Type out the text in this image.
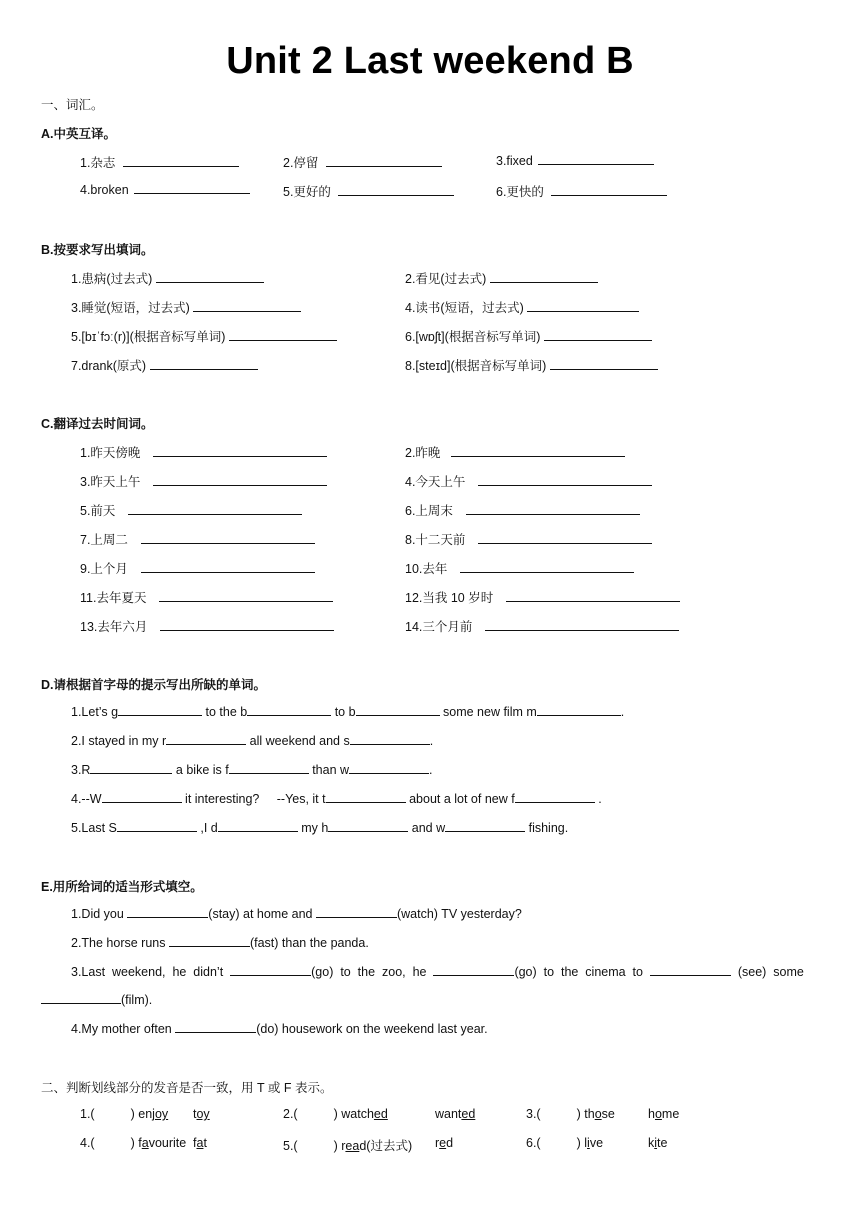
Unit 2 Last weekend B
一、词汇。
A.中英互译。
1.杂志	2.停留	3.fixed
4.broken	5.更好的	6.更快的
B.按要求写出填词。
1.患病(过去式)	2.看见(过去式)
3.睡觉(短语，过去式)	4.读书(短语，过去式)
5.[bɪˈfɔː(r)](根据音标写单词)	6.[wɒʃt](根据音标写单词)
7.drank(原式)	8.[steɪd](根据音标写单词)
C.翻译过去时间词。
1.昨天傍晚	2.昨晚
3.昨天上午	4.今天上午
5.前天	6.上周末
7.上周二	8.十二天前
9.上个月	10.去年
11.去年夏天	12.当我 10 岁时
13.去年六月	14.三个月前
D.请根据首字母的提示写出所缺的单词。
1.Let’s g	to the b	to b	some new film m	.
2.I stayed in my r	all weekend and s	.
3.R	a bike is f	than w	.
4.--W	it interesting?     --Yes, it t	about a lot of new f	.
5.Last S	,I d	my h	and w	fishing.
E.用所给词的适当形式填空。
1.Did you	(stay) at home and	(watch) TV yesterday?
2.The horse runs	(fast) than the panda.
3.Last  weekend,  he  didn’t	(go)  to  the  zoo,  he	(go)  to  the  cinema  to	(see)  some
(film).
4.My mother often	(do) housework on the weekend last year.
二、判断划线部分的发音是否一致，用 T 或 F 表示。
1.(	) enjoy toy	2.(	) watched	wanted	3.(	) those	home
4.(	) favourite fat	5.(	) read(过去式) red	6.(	) live	kite
